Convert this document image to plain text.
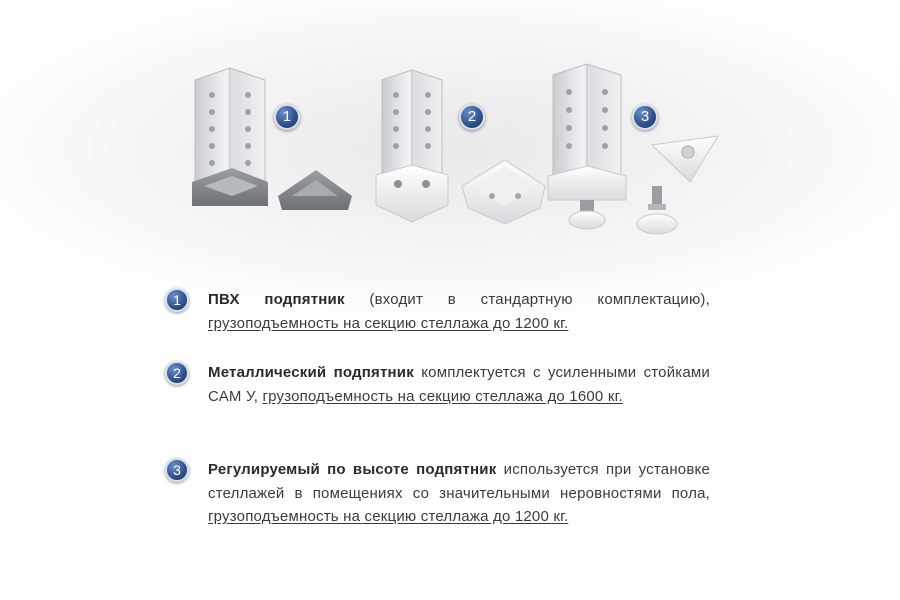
1	2	3
1	ПВХ подпятник (входит в стандартную комплектацию), грузоподъемность на секцию стеллажа до 1200 кг.
2	Металлический подпятник комплектуется с усиленными стойками САМ У, грузоподъемность на секцию стеллажа до 1600 кг.
3	Регулируемый по высоте подпятник используется при установке стеллажей в помещениях со значительными неровностями пола, грузоподъемность на секцию стеллажа до 1200 кг.
